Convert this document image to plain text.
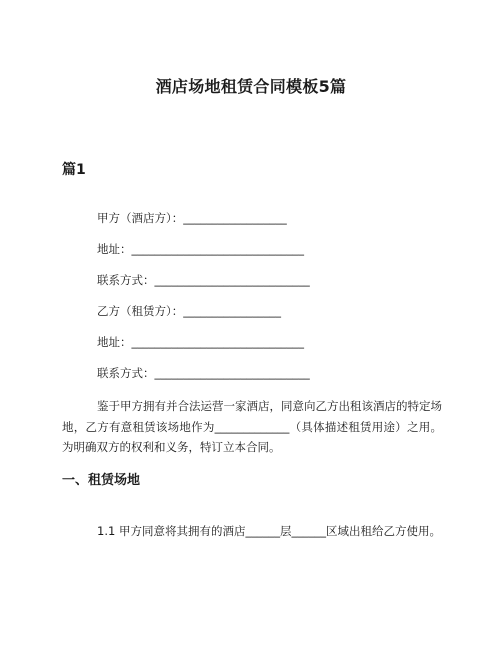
酒店场地租赁合同模板5篇
篇1
甲方（酒店方）：__________________
地址：______________________________
联系方式：___________________________
乙方（租赁方）：_________________
地址：______________________________
联系方式：___________________________
鉴于甲方拥有并合法运营一家酒店，同意向乙方出租该酒店的特定场地，乙方有意租赁该场地作为_____________（具体描述租赁用途）之用。为明确双方的权利和义务，特订立本合同。
一、租赁场地
1.1 甲方同意将其拥有的酒店______层______区域出租给乙方使用。
